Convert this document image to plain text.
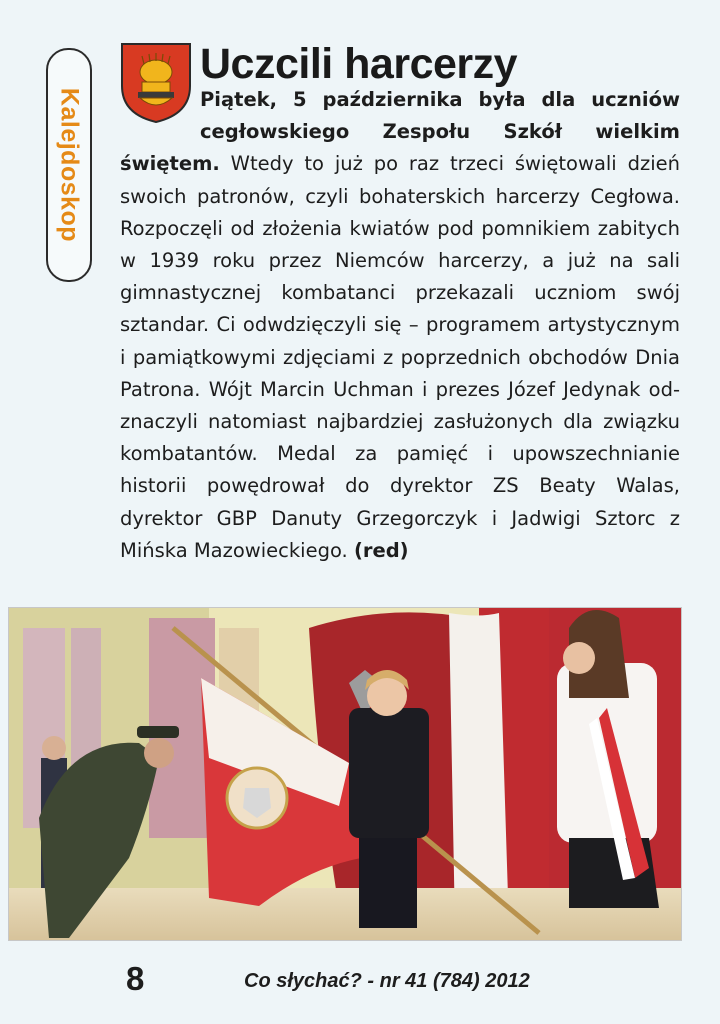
Kalejdoskop
Uczcili harcerzy
Piątek, 5 października była dla uczniów cegłowskiego Zespołu Szkół wielkim świętem. Wtedy to już po raz trzeci świętowali dzień swoich patronów, czyli bohaterskich harcerzy Cegłowa. Rozpoczęli od złożenia kwiatów pod pomnikiem zabitych w 1939 roku przez Niemców harcerzy, a już na sali gimnastycznej kombatanci przekazali uczniom swój sztandar. Ci odwdzięczyli się – programem artystycznym i pamiątkowymi zdjęciami z poprzednich obchodów Dnia Patrona. Wójt Marcin Uchman i prezes Józef Jedynak odznaczyli natomiast najbardziej zasłużonych dla związku kombatantów. Medal za pamięć i upowszechnianie historii powędrował do dyrektor ZS Beaty Walas, dyrektor GBP Danuty Grzegorczyk i Jadwigi Sztorc z Mińska Mazowieckiego. (red)

8	Co słychać? - nr 41 (784) 2012
